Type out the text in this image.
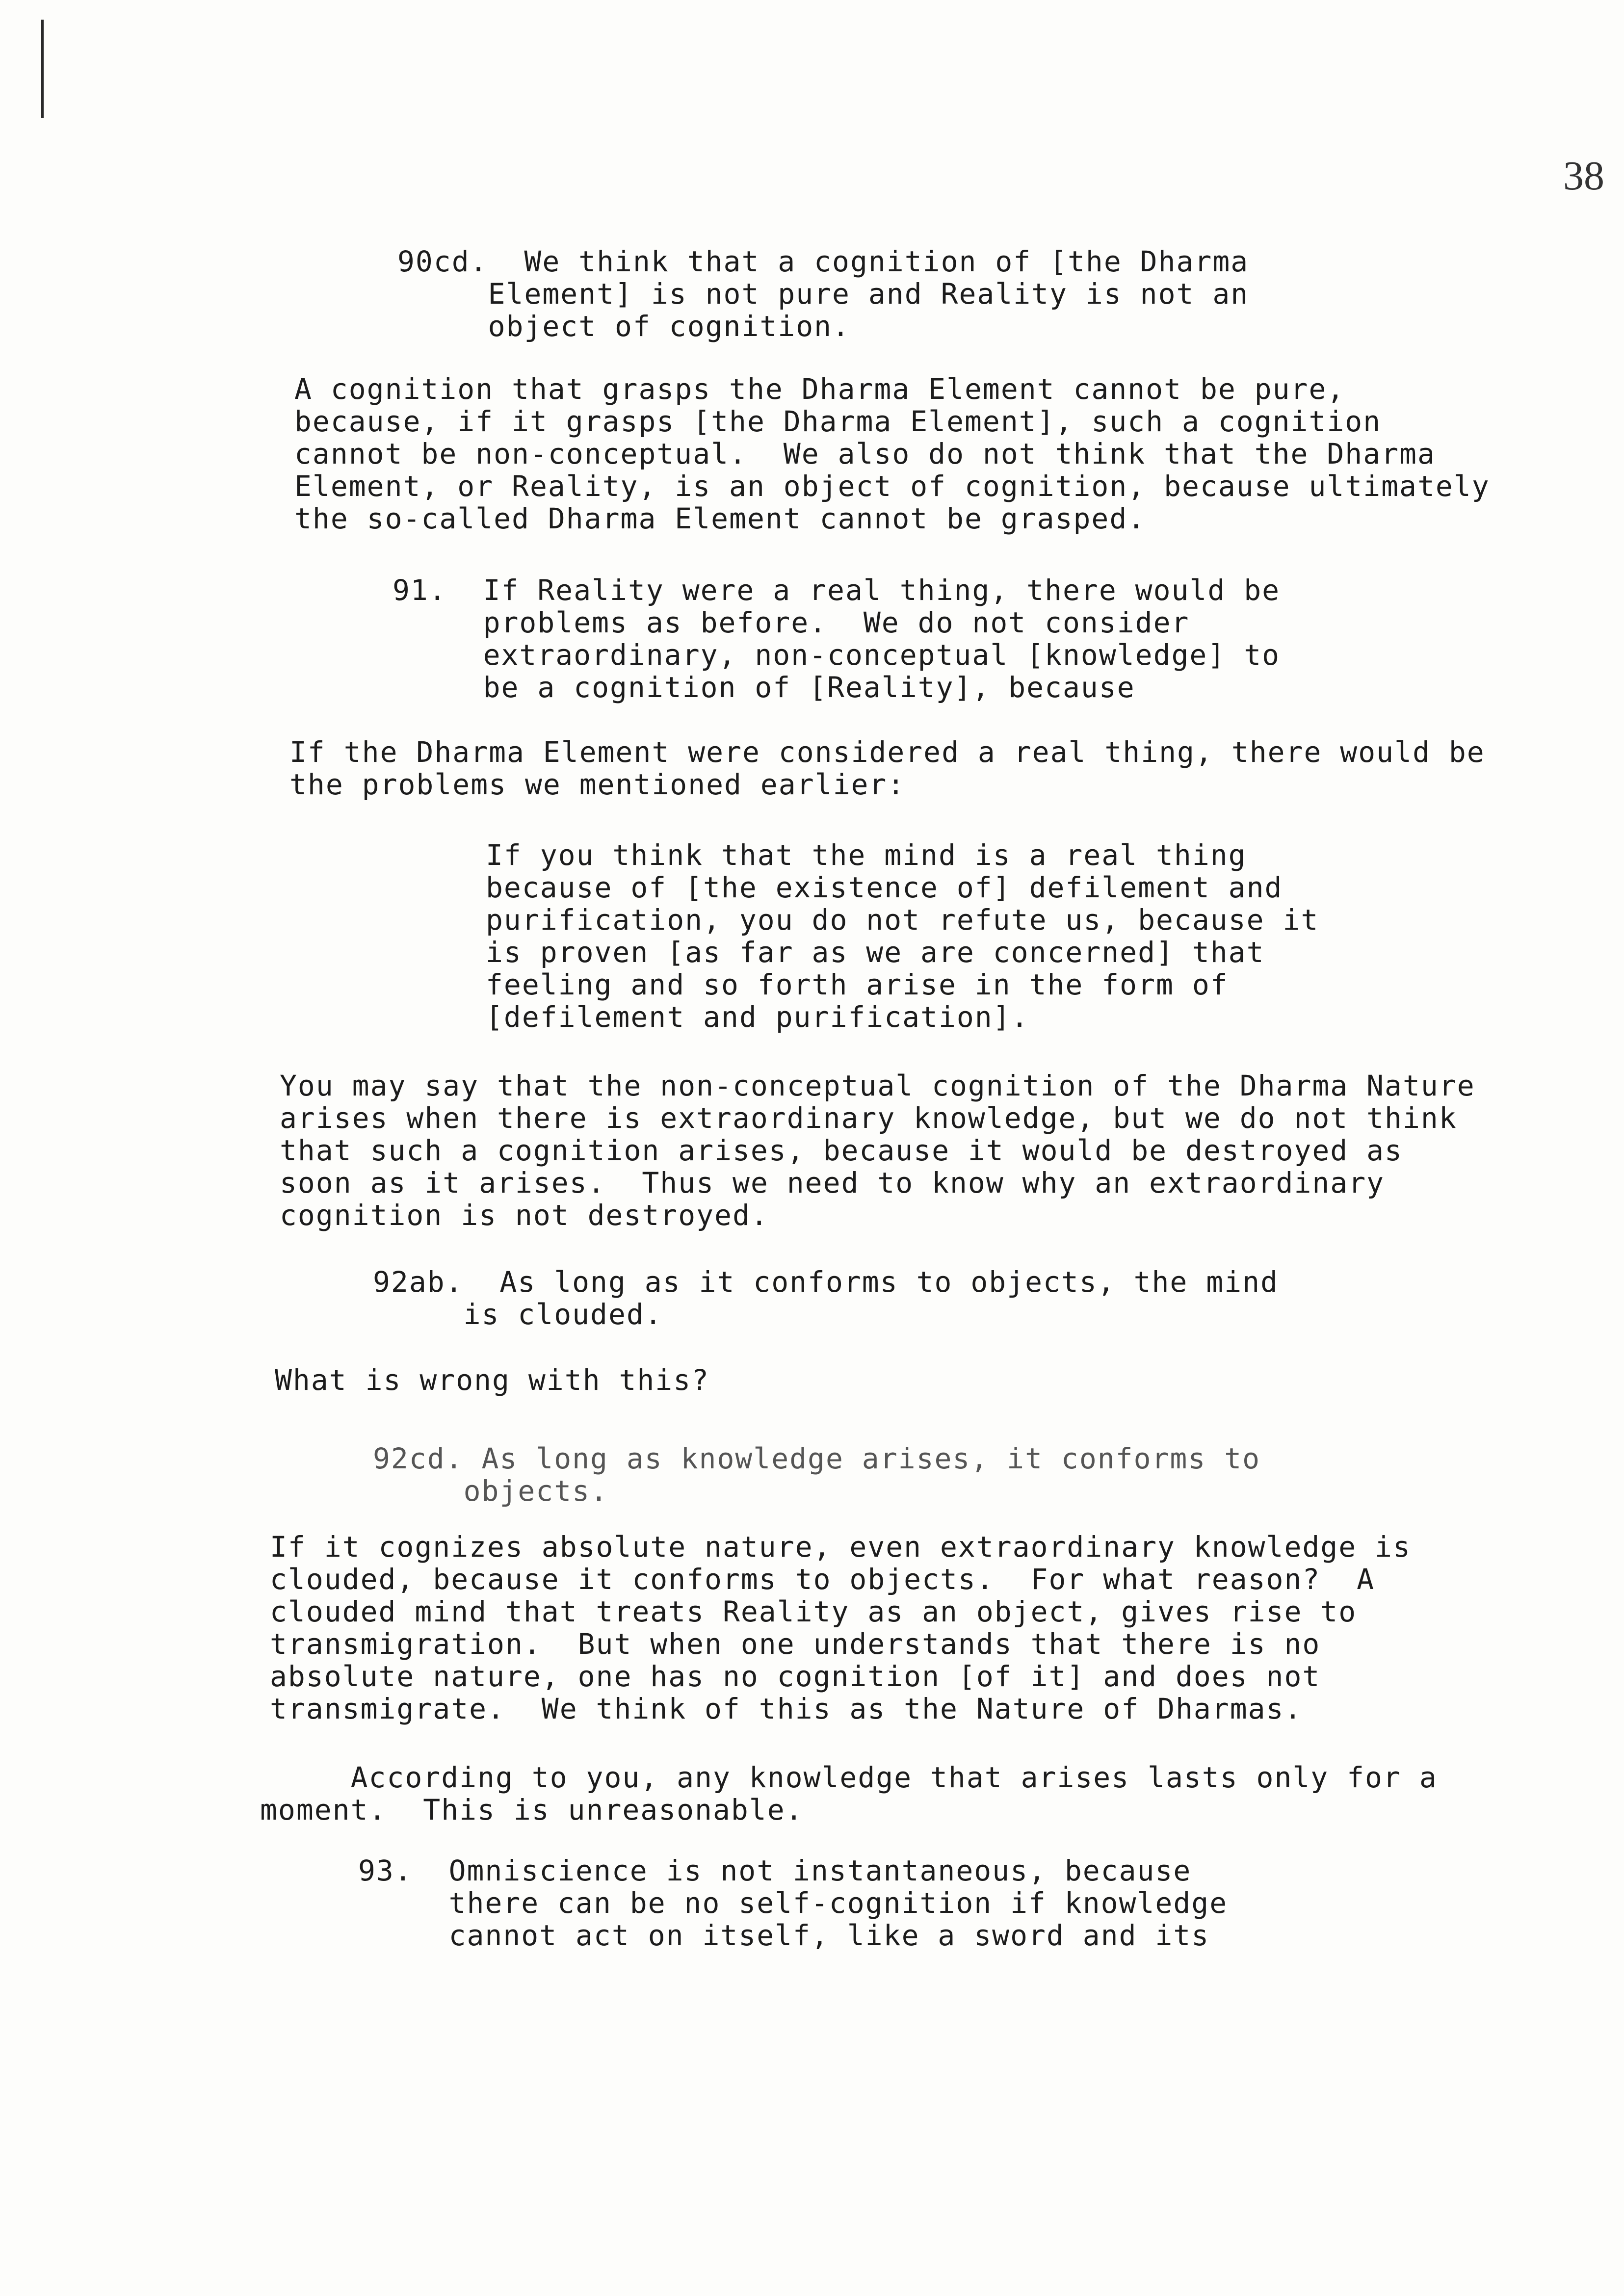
38
90cd.  We think that a cognition of [the Dharma
Element] is not pure and Reality is not an
object of cognition.
A cognition that grasps the Dharma Element cannot be pure,
because, if it grasps [the Dharma Element], such a cognition
cannot be non-conceptual.  We also do not think that the Dharma
Element, or Reality, is an object of cognition, because ultimately
the so-called Dharma Element cannot be grasped.
91.  If Reality were a real thing, there would be
problems as before.  We do not consider
extraordinary, non-conceptual [knowledge] to
be a cognition of [Reality], because
If the Dharma Element were considered a real thing, there would be
the problems we mentioned earlier:
If you think that the mind is a real thing
because of [the existence of] defilement and
purification, you do not refute us, because it
is proven [as far as we are concerned] that
feeling and so forth arise in the form of
[defilement and purification].
You may say that the non-conceptual cognition of the Dharma Nature
arises when there is extraordinary knowledge, but we do not think
that such a cognition arises, because it would be destroyed as
soon as it arises.  Thus we need to know why an extraordinary
cognition is not destroyed.
92ab.  As long as it conforms to objects, the mind
is clouded.
What is wrong with this?
92cd. As long as knowledge arises, it conforms to
objects.
If it cognizes absolute nature, even extraordinary knowledge is
clouded, because it conforms to objects.  For what reason?  A
clouded mind that treats Reality as an object, gives rise to
transmigration.  But when one understands that there is no
absolute nature, one has no cognition [of it] and does not
transmigrate.  We think of this as the Nature of Dharmas.
According to you, any knowledge that arises lasts only for a
moment.  This is unreasonable.
93.  Omniscience is not instantaneous, because
there can be no self-cognition if knowledge
cannot act on itself, like a sword and its
